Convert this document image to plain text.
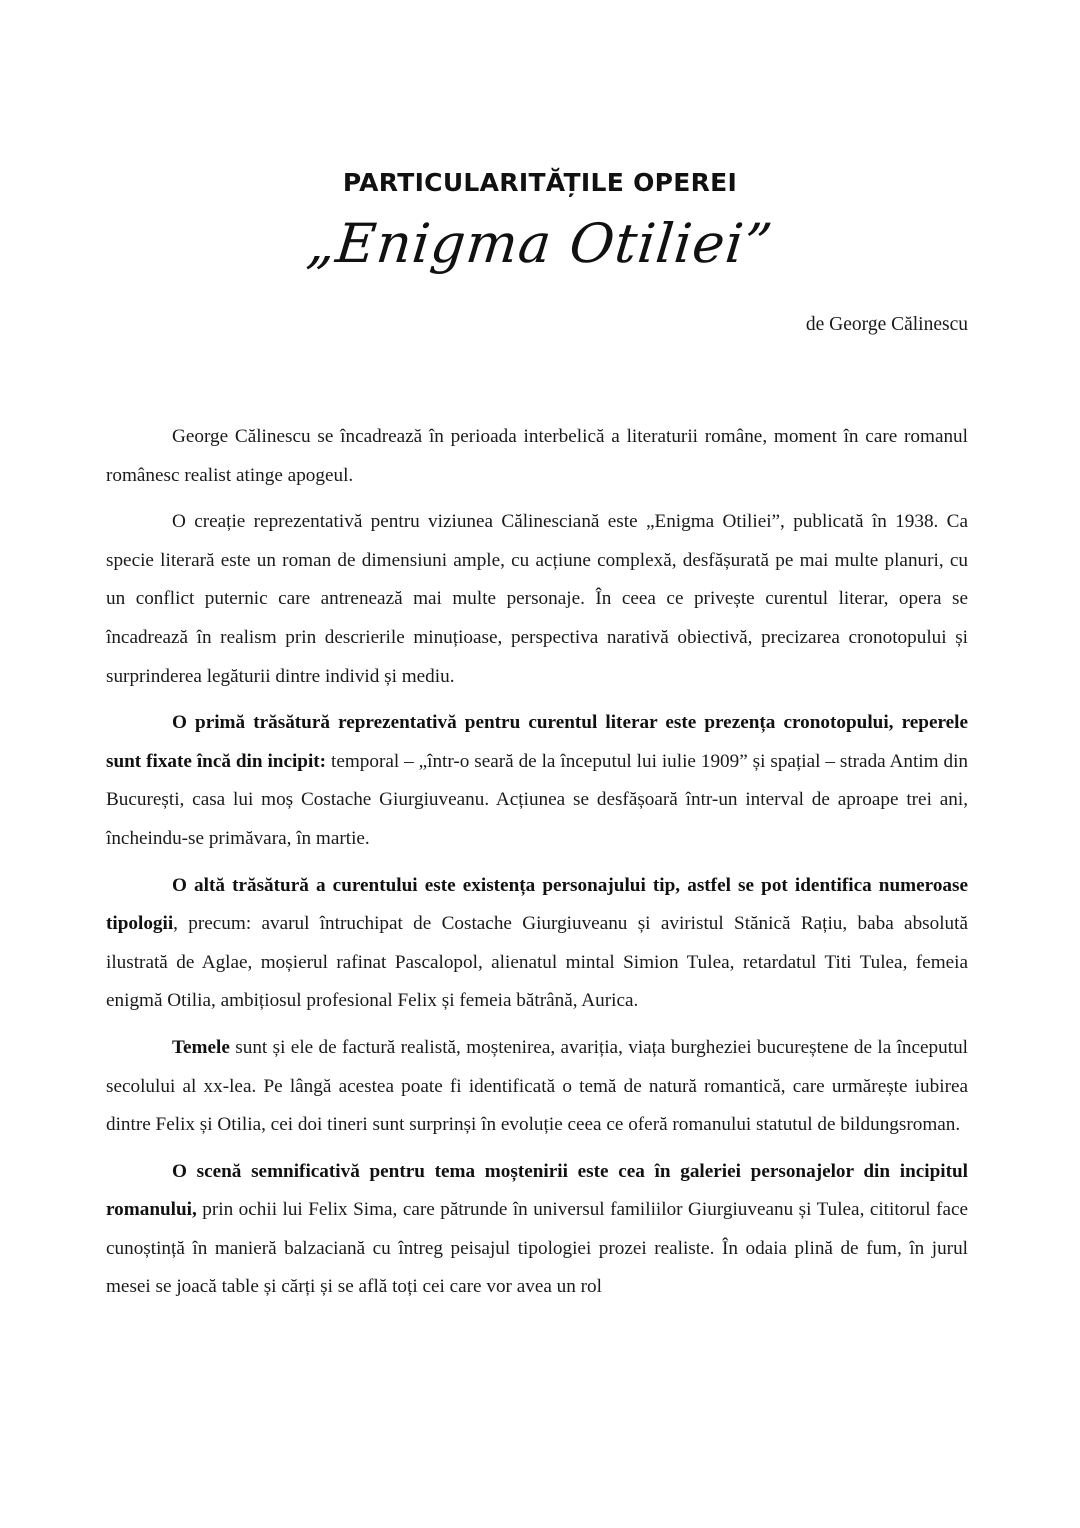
PARTICULARITĂȚILE OPEREI
„Enigma Otiliei”
de George Călinescu

George Călinescu se încadrează în perioada interbelică a literaturii române, moment în care romanul românesc realist atinge apogeul.

O creație reprezentativă pentru viziunea Călinesciană este „Enigma Otiliei”, publicată în 1938. Ca specie literară este un roman de dimensiuni ample, cu acțiune complexă, desfășurată pe mai multe planuri, cu un conflict puternic care antrenează mai multe personaje. În ceea ce privește curentul literar, opera se încadrează în realism prin descrierile minuțioase, perspectiva narativă obiectivă, precizarea cronotopului și surprinderea legăturii dintre individ și mediu.

O primă trăsătură reprezentativă pentru curentul literar este prezența cronotopului, reperele sunt fixate încă din incipit: temporal – „într-o seară de la începutul lui iulie 1909” și spațial – strada Antim din București, casa lui moș Costache Giurgiuveanu. Acțiunea se desfășoară într-un interval de aproape trei ani, încheindu-se primăvara, în martie.

O altă trăsătură a curentului este existența personajului tip, astfel se pot identifica numeroase tipologii, precum: avarul întruchipat de Costache Giurgiuveanu și aviristul Stănică Rațiu, baba absolută ilustrată de Aglae, moșierul rafinat Pascalopol, alienatul mintal Simion Tulea, retardatul Titi Tulea, femeia enigmă Otilia, ambițiosul profesional Felix și femeia bătrână, Aurica.

Temele sunt și ele de factură realistă, moștenirea, avariția, viața burgheziei bucureștene de la începutul secolului al xx-lea. Pe lângă acestea poate fi identificată o temă de natură romantică, care urmărește iubirea dintre Felix și Otilia, cei doi tineri sunt surprinși în evoluție ceea ce oferă romanului statutul de bildungsroman.

O scenă semnificativă pentru tema moștenirii este cea în galeriei personajelor din incipitul romanului, prin ochii lui Felix Sima, care pătrunde în universul familiilor Giurgiuveanu și Tulea, cititorul face cunoștință în manieră balzaciană cu întreg peisajul tipologiei prozei realiste. În odaia plină de fum, în jurul mesei se joacă table și cărți și se află toți cei care vor avea un rol
